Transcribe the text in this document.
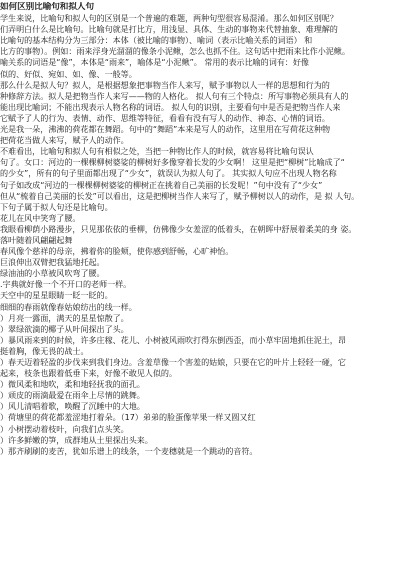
如何区别比喻句和拟人句
学生来说，比喻句和拟人句的区别是一个普遍的难题，两种句型很容易混淆。那么如何区别呢？
们弄明白什么是比喻句。比喻句就是打比方，用浅显、具体、生动的事物来代替抽象、难理解的
比喻句的基本结构分为三部分：本体（被比喻的事物）、喻词（表示比喻关系的词语） 和
比方的事物）。例如：雨来浮身光溜溜的像条小泥鳅，怎么也抓不住。这句话中把雨来比作小泥鳅。
喻关系的词语是“像”，本体是“雨来”，喻体是“小泥鳅”。 常用的表示比喻的词有：好像
似的、好似、宛如、如、像、一般等。
那么什么是拟人句？拟人，是根据想象把事物当作人来写，赋予事物以人一样的思想和行为的
种修辞方法。拟人是把物当作人来写——物的人格化。 拟人句有三个特点：所写事物必须具有人的
能出现比喻词；不能出现表示人物名称的词语。 拟人句的识别，主要看句中是否是把物当作人来
它赋予了人的行为、表情、动作、思维等特征，看看有没有写人的动作、神态、心情的词语。
光是我一朵，沸沸的荷花都在舞蹈。句中的“舞蹈”本来是写人的动作，这里用在写荷花这种物
把荷花当做人来写，赋予人的动作。
不难看出，比喻句和拟人句有相似之处，当把一种物比作人的时候，就容易将比喻句误认
句了。女口：河边的一棵棵柳树婆娑的柳树好多像穿着长发的少女啊！ 这里是把“柳树”比喻成了“
的少女”，所有的句子里面都出现了“少女”，就误认为拟人句了。 其实拟人句应不出现人物名称
句子如改成“河边的一棵棵柳树婆娑的柳树正在挑着自己美丽的长发呢！”句中没有了“少女”
但从“梳着自己美丽的长发”可以看出，这是把柳树当作人来写了，赋予柳树以人的动作，是 拟 人句。
下句子属于拟人句还是比喻句。
花儿在风中笑弯了腰。
我眼看柳荫小路漫步，只见那依依的垂柳，仿佛像少女羞涩的低着头，在朝晖中舒展着柔美的身 姿。
落叶随着风翩翩起舞
春风像个慈祥的母亲，拂着你的脸颊，使你感到舒畅，心旷神怡。
巨浪伸出双臂把我猛地托起。
绿油油的小草被风吹弯了腰。
.字典就好像一个不开口的老师一样。
天空中的星星眼睛一眨一眨的。
细细的春雨就像春姑娘纺出的线一样。
）月亮一露面，满天的星星惊散了。
）翠绿欲滴的椰子从叶间探出了头。
）暴风雨来到的时候，许多庄稼、花儿、小树被风雨吹打得东倒西歪，而小草牢固地抓住泥土，昂
挺着胸，像无畏的战士。
）春天迈着轻盈的步伐来到我们身边。含羞草像一个害羞的姑娘，只要在它的叶片上轻轻一碰，它
起来，枝条也跟着低垂下来，好像不敢见人似的。
）微风柔和地吹，柔和地轻抚我的面孔。
）顽皮的雨滴最爱在雨伞上尽情的跳舞。
）风儿清唱着歌，唤醒了沉睡中的大地。
）荷塘里的荷花都羞涩地打着朵。（17）弟弟的脸蛋像苹果一样又圆又红
）小树摆动着枝叶，向我们点头笑。
）许多鲜嫩的笋，成群地从土里探出头来。
）那齐刷刷的麦苦，犹如乐谱上的线条，一个麦穗就是一个跳动的音符。
